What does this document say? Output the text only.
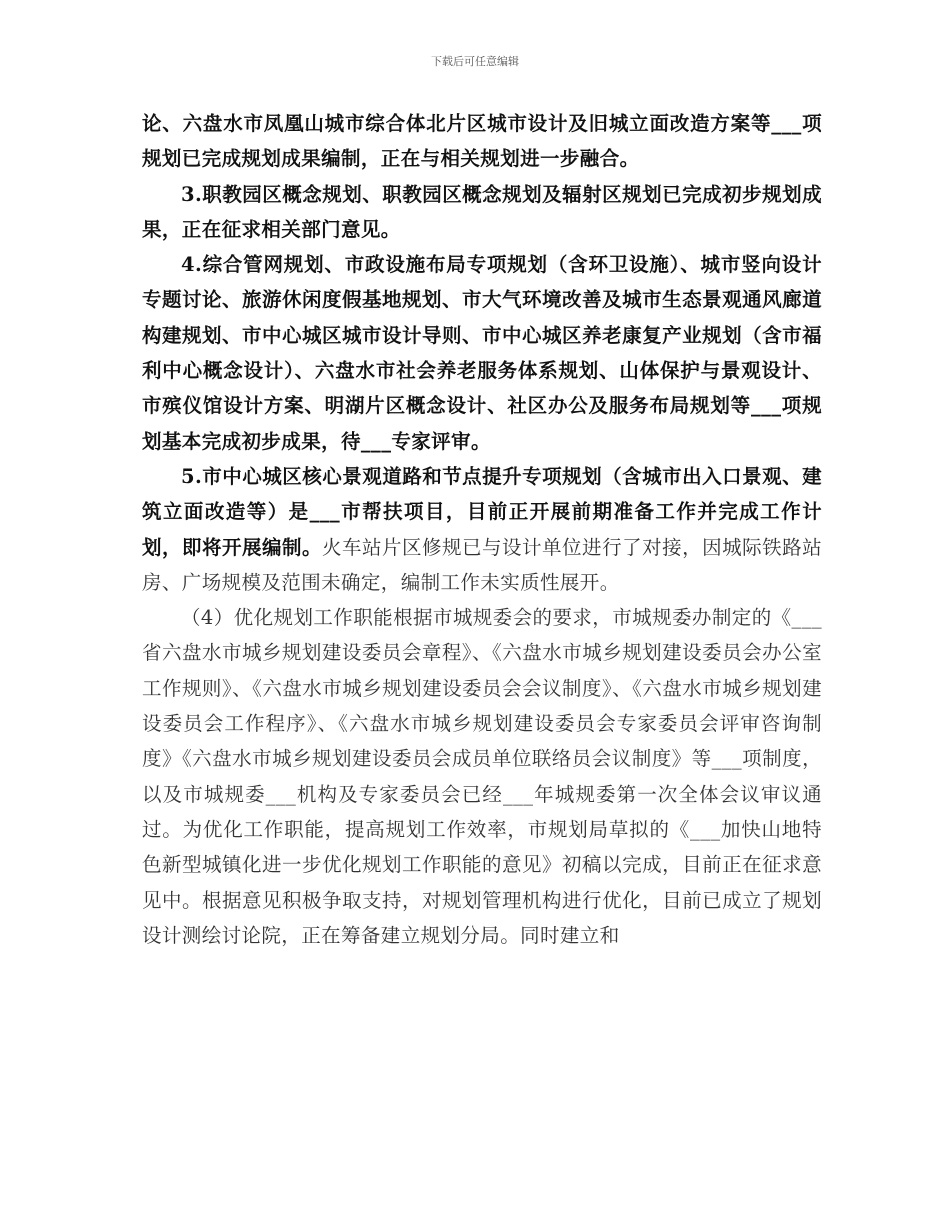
下载后可任意编辑

论、六盘水市凤凰山城市综合体北片区城市设计及旧城立面改造方案等___项规划已完成规划成果编制，正在与相关规划进一步融合。

3.职教园区概念规划、职教园区概念规划及辐射区规划已完成初步规划成果，正在征求相关部门意见。

4.综合管网规划、市政设施布局专项规划（含环卫设施）、城市竖向设计专题讨论、旅游休闲度假基地规划、市大气环境改善及城市生态景观通风廊道构建规划、市中心城区城市设计导则、市中心城区养老康复产业规划（含市福利中心概念设计）、六盘水市社会养老服务体系规划、山体保护与景观设计、市殡仪馆设计方案、明湖片区概念设计、社区办公及服务布局规划等___项规划基本完成初步成果，待___专家评审。

5.市中心城区核心景观道路和节点提升专项规划（含城市出入口景观、建筑立面改造等）是___市帮扶项目，目前正开展前期准备工作并完成工作计划，即将开展编制。火车站片区修规已与设计单位进行了对接，因城际铁路站房、广场规模及范围未确定，编制工作未实质性展开。

（4）优化规划工作职能根据市城规委会的要求，市城规委办制定的《___省六盘水市城乡规划建设委员会章程》、《六盘水市城乡规划建设委员会办公室工作规则》、《六盘水市城乡规划建设委员会会议制度》、《六盘水市城乡规划建设委员会工作程序》、《六盘水市城乡规划建设委员会专家委员会评审咨询制度》《六盘水市城乡规划建设委员会成员单位联络员会议制度》等___项制度，以及市城规委___机构及专家委员会已经___年城规委第一次全体会议审议通过。为优化工作职能，提高规划工作效率，市规划局草拟的《___加快山地特色新型城镇化进一步优化规划工作职能的意见》初稿以完成，目前正在征求意见中。根据意见积极争取支持，对规划管理机构进行优化，目前已成立了规划设计测绘讨论院，正在筹备建立规划分局。同时建立和
